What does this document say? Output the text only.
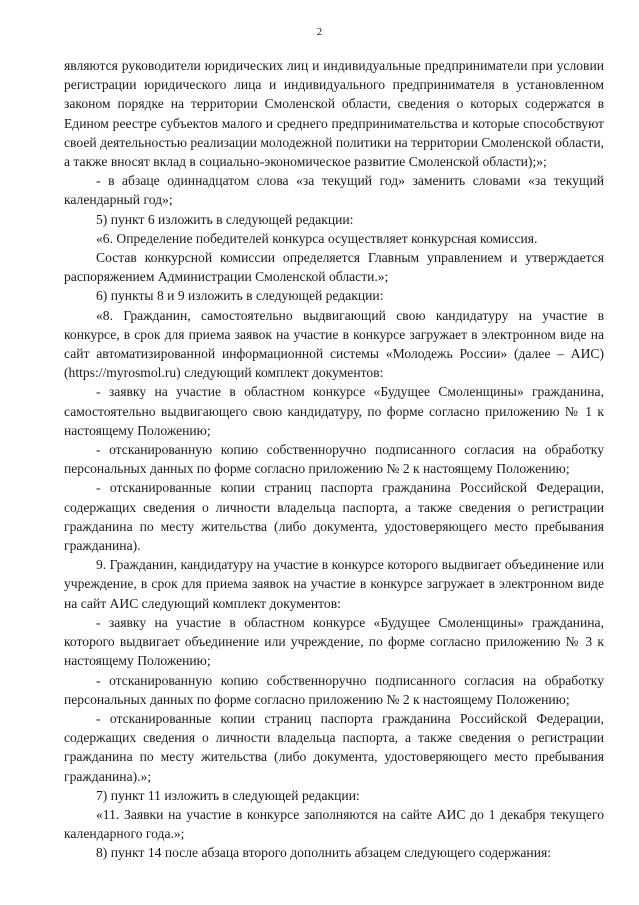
2

являются руководители юридических лиц и индивидуальные предприниматели при условии регистрации юридического лица и индивидуального предпринимателя в установленном законом порядке на территории Смоленской области, сведения о которых содержатся в Едином реестре субъектов малого и среднего предпринимательства и которые способствуют своей деятельностью реализации молодежной политики на территории Смоленской области, а также вносят вклад в социально-экономическое развитие Смоленской области);»;

- в абзаце одиннадцатом слова «за текущий год» заменить словами «за текущий календарный год»;

5) пункт 6 изложить в следующей редакции:

«6. Определение победителей конкурса осуществляет конкурсная комиссия.

Состав конкурсной комиссии определяется Главным управлением и утверждается распоряжением Администрации Смоленской области.»;

6) пункты 8 и 9 изложить в следующей редакции:

«8. Гражданин, самостоятельно выдвигающий свою кандидатуру на участие в конкурсе, в срок для приема заявок на участие в конкурсе загружает в электронном виде на сайт автоматизированной информационной системы «Молодежь России» (далее – АИС) (https://myrosmol.ru) следующий комплект документов:

- заявку на участие в областном конкурсе «Будущее Смоленщины» гражданина, самостоятельно выдвигающего свою кандидатуру, по форме согласно приложению № 1 к настоящему Положению;

- отсканированную копию собственноручно подписанного согласия на обработку персональных данных по форме согласно приложению № 2 к настоящему Положению;

- отсканированные копии страниц паспорта гражданина Российской Федерации, содержащих сведения о личности владельца паспорта, а также сведения о регистрации гражданина по месту жительства (либо документа, удостоверяющего место пребывания гражданина).

9. Гражданин, кандидатуру на участие в конкурсе которого выдвигает объединение или учреждение, в срок для приема заявок на участие в конкурсе загружает в электронном виде на сайт АИС следующий комплект документов:

- заявку на участие в областном конкурсе «Будущее Смоленщины» гражданина, которого выдвигает объединение или учреждение, по форме согласно приложению № 3 к настоящему Положению;

- отсканированную копию собственноручно подписанного согласия на обработку персональных данных по форме согласно приложению № 2 к настоящему Положению;

- отсканированные копии страниц паспорта гражданина Российской Федерации, содержащих сведения о личности владельца паспорта, а также сведения о регистрации гражданина по месту жительства (либо документа, удостоверяющего место пребывания гражданина).»;

7) пункт 11 изложить в следующей редакции:

«11. Заявки на участие в конкурсе заполняются на сайте АИС до 1 декабря текущего календарного года.»;

8) пункт 14 после абзаца второго дополнить абзацем следующего содержания:
